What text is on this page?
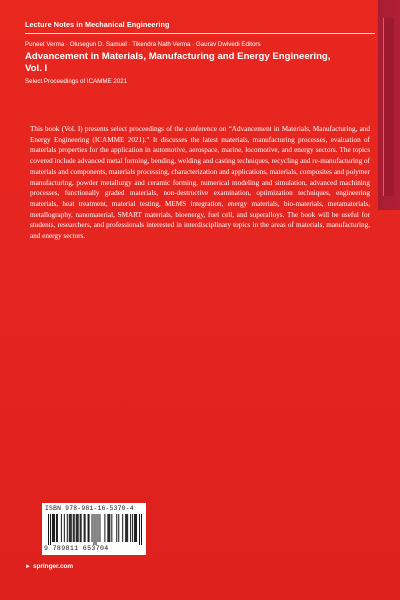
Lecture Notes in Mechanical Engineering
Puneet Verma · Olusegun D. Samuel · Tikendra Nath Verma · Gaurav Dwivedi Editors
Advancement in Materials, Manufacturing and Energy Engineering,
Vol. I
Select Proceedings of ICAMME 2021
This book (Vol. I) presents select proceedings of the conference on “Advancement in Materials, Manufacturing, and Energy Engineering (ICAMME 2021).” It discusses the latest materials, manufacturing processes, evaluation of materials properties for the application in automotive, aerospace, marine, locomotive, and energy sectors. The topics covered include advanced metal forming, bending, welding and casting techniques, recycling and re-manufacturing of materials and components, materials processing, characterization and applications, materials, composites and polymer manufacturing, powder metallurgy and ceramic forming, numerical modeling and simulation, advanced machining processes, functionally graded materials, non-destructive examination, optimization techniques, engineering materials, heat treatment, material testing, MEMS integration, energy materials, bio-materials, metamaterials, metallography, nanomaterial, SMART materials, bioenergy, fuel cell, and superalloys. The book will be useful for students, researchers, and professionals interested in interdisciplinary topics in the areas of materials, manufacturing, and energy sectors.
ISBN 978-981-16-5370-4
9 789811 653704
► springer.com
